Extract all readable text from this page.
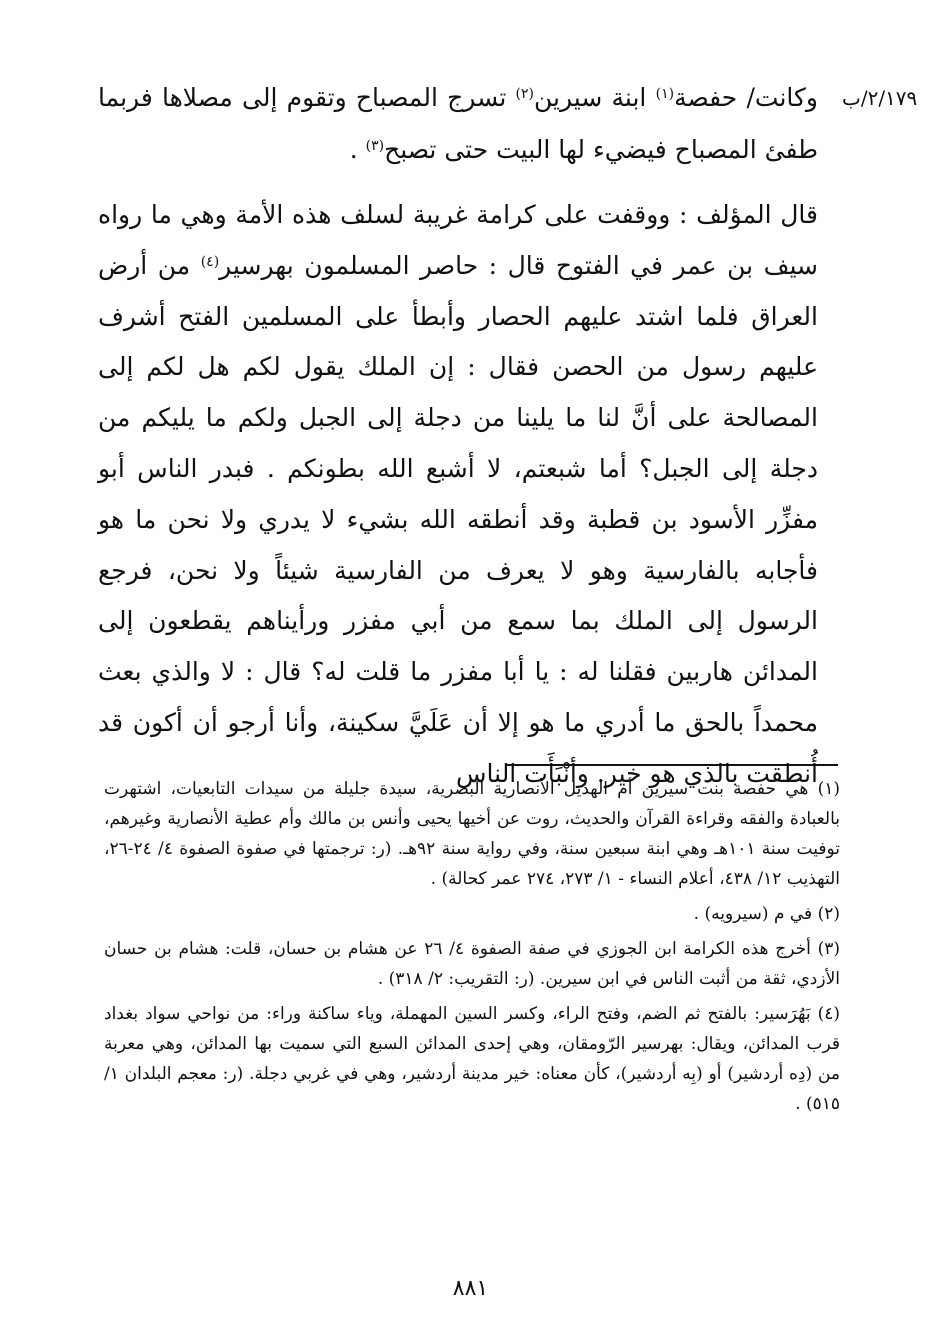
٢/١٧٩/ب

وكانت/ حفصة$^{(١)}$ ابنة سيرين$^{(٢)}$ تسرج المصباح وتقوم إلى مصلاها فربما طفئ المصباح فيضيء لها البيت حتى تصبح$^{(٣)}$ .

قال المؤلف : ووقفت على كرامة غريبة لسلف هذه الأمة وهي ما رواه سيف بن عمر في الفتوح قال : حاصر المسلمون بهرسير$^{(٤)}$ من أرض العراق فلما اشتد عليهم الحصار وأبطأ على المسلمين الفتح أشرف عليهم رسول من الحصن فقال : إن الملك يقول لكم هل لكم إلى المصالحة على أنَّ لنا ما يلينا من دجلة إلى الجبل ولكم ما يليكم من دجلة إلى الجبل؟ أما شبعتم، لا أشبع الله بطونكم . فبدر الناس أبو مفزِّر الأسود بن قطبة وقد أنطقه الله بشيء لا يدري ولا نحن ما هو فأجابه بالفارسية وهو لا يعرف من الفارسية شيئاً ولا نحن، فرجع الرسول إلى الملك بما سمع من أبي مفزر ورأيناهم يقطعون إلى المدائن هاربين فقلنا له : يا أبا مفزر ما قلت له؟ قال : لا والذي بعث محمداً بالحق ما أدري ما هو إلا أن عَلَيَّ سكينة، وأنا أرجو أن أكون قد أُنطقت بالذي هو خير. وأنْبَأَت الناس

(١) هي حفصة بنت سيرين أم الهذيل الأنصارية البصرية، سيدة جليلة من سيدات التابعيات، اشتهرت بالعبادة والفقه وقراءة القرآن والحديث، روت عن أخيها يحيى وأنس بن مالك وأم عطية الأنصارية وغيرهم، توفيت سنة ١٠١هـ وهي ابنة سبعين سنة، وفي رواية سنة ٩٢هـ. (ر: ترجمتها في صفوة الصفوة ٤/ ٢٤-٢٦، التهذيب ١٢/ ٤٣٨، أعلام النساء - ١/ ٢٧٣، ٢٧٤ عمر كحالة) .

(٢) في م (سيرويه) .

(٣) أخرج هذه الكرامة ابن الجوزي في صفة الصفوة ٤/ ٢٦ عن هشام بن حسان، قلت: هشام بن حسان الأزدي، ثقة من أثبت الناس في ابن سيرين. (ر: التقريب: ٢/ ٣١٨) .

(٤) بَهُرَسير: بالفتح ثم الضم، وفتح الراء، وكسر السين المهملة، وياء ساكنة وراء: من نواحي سواد بغداد قرب المدائن، ويقال: بهرسير الرّومقان، وهي إحدى المدائن السبع التي سميت بها المدائن، وهي معربة من (دِه أردشير) أو (بِه أردشير)، كأن معناه: خير مدينة أردشير، وهي في غربي دجلة. (ر: معجم البلدان ١/ ٥١٥) .

٨٨١
